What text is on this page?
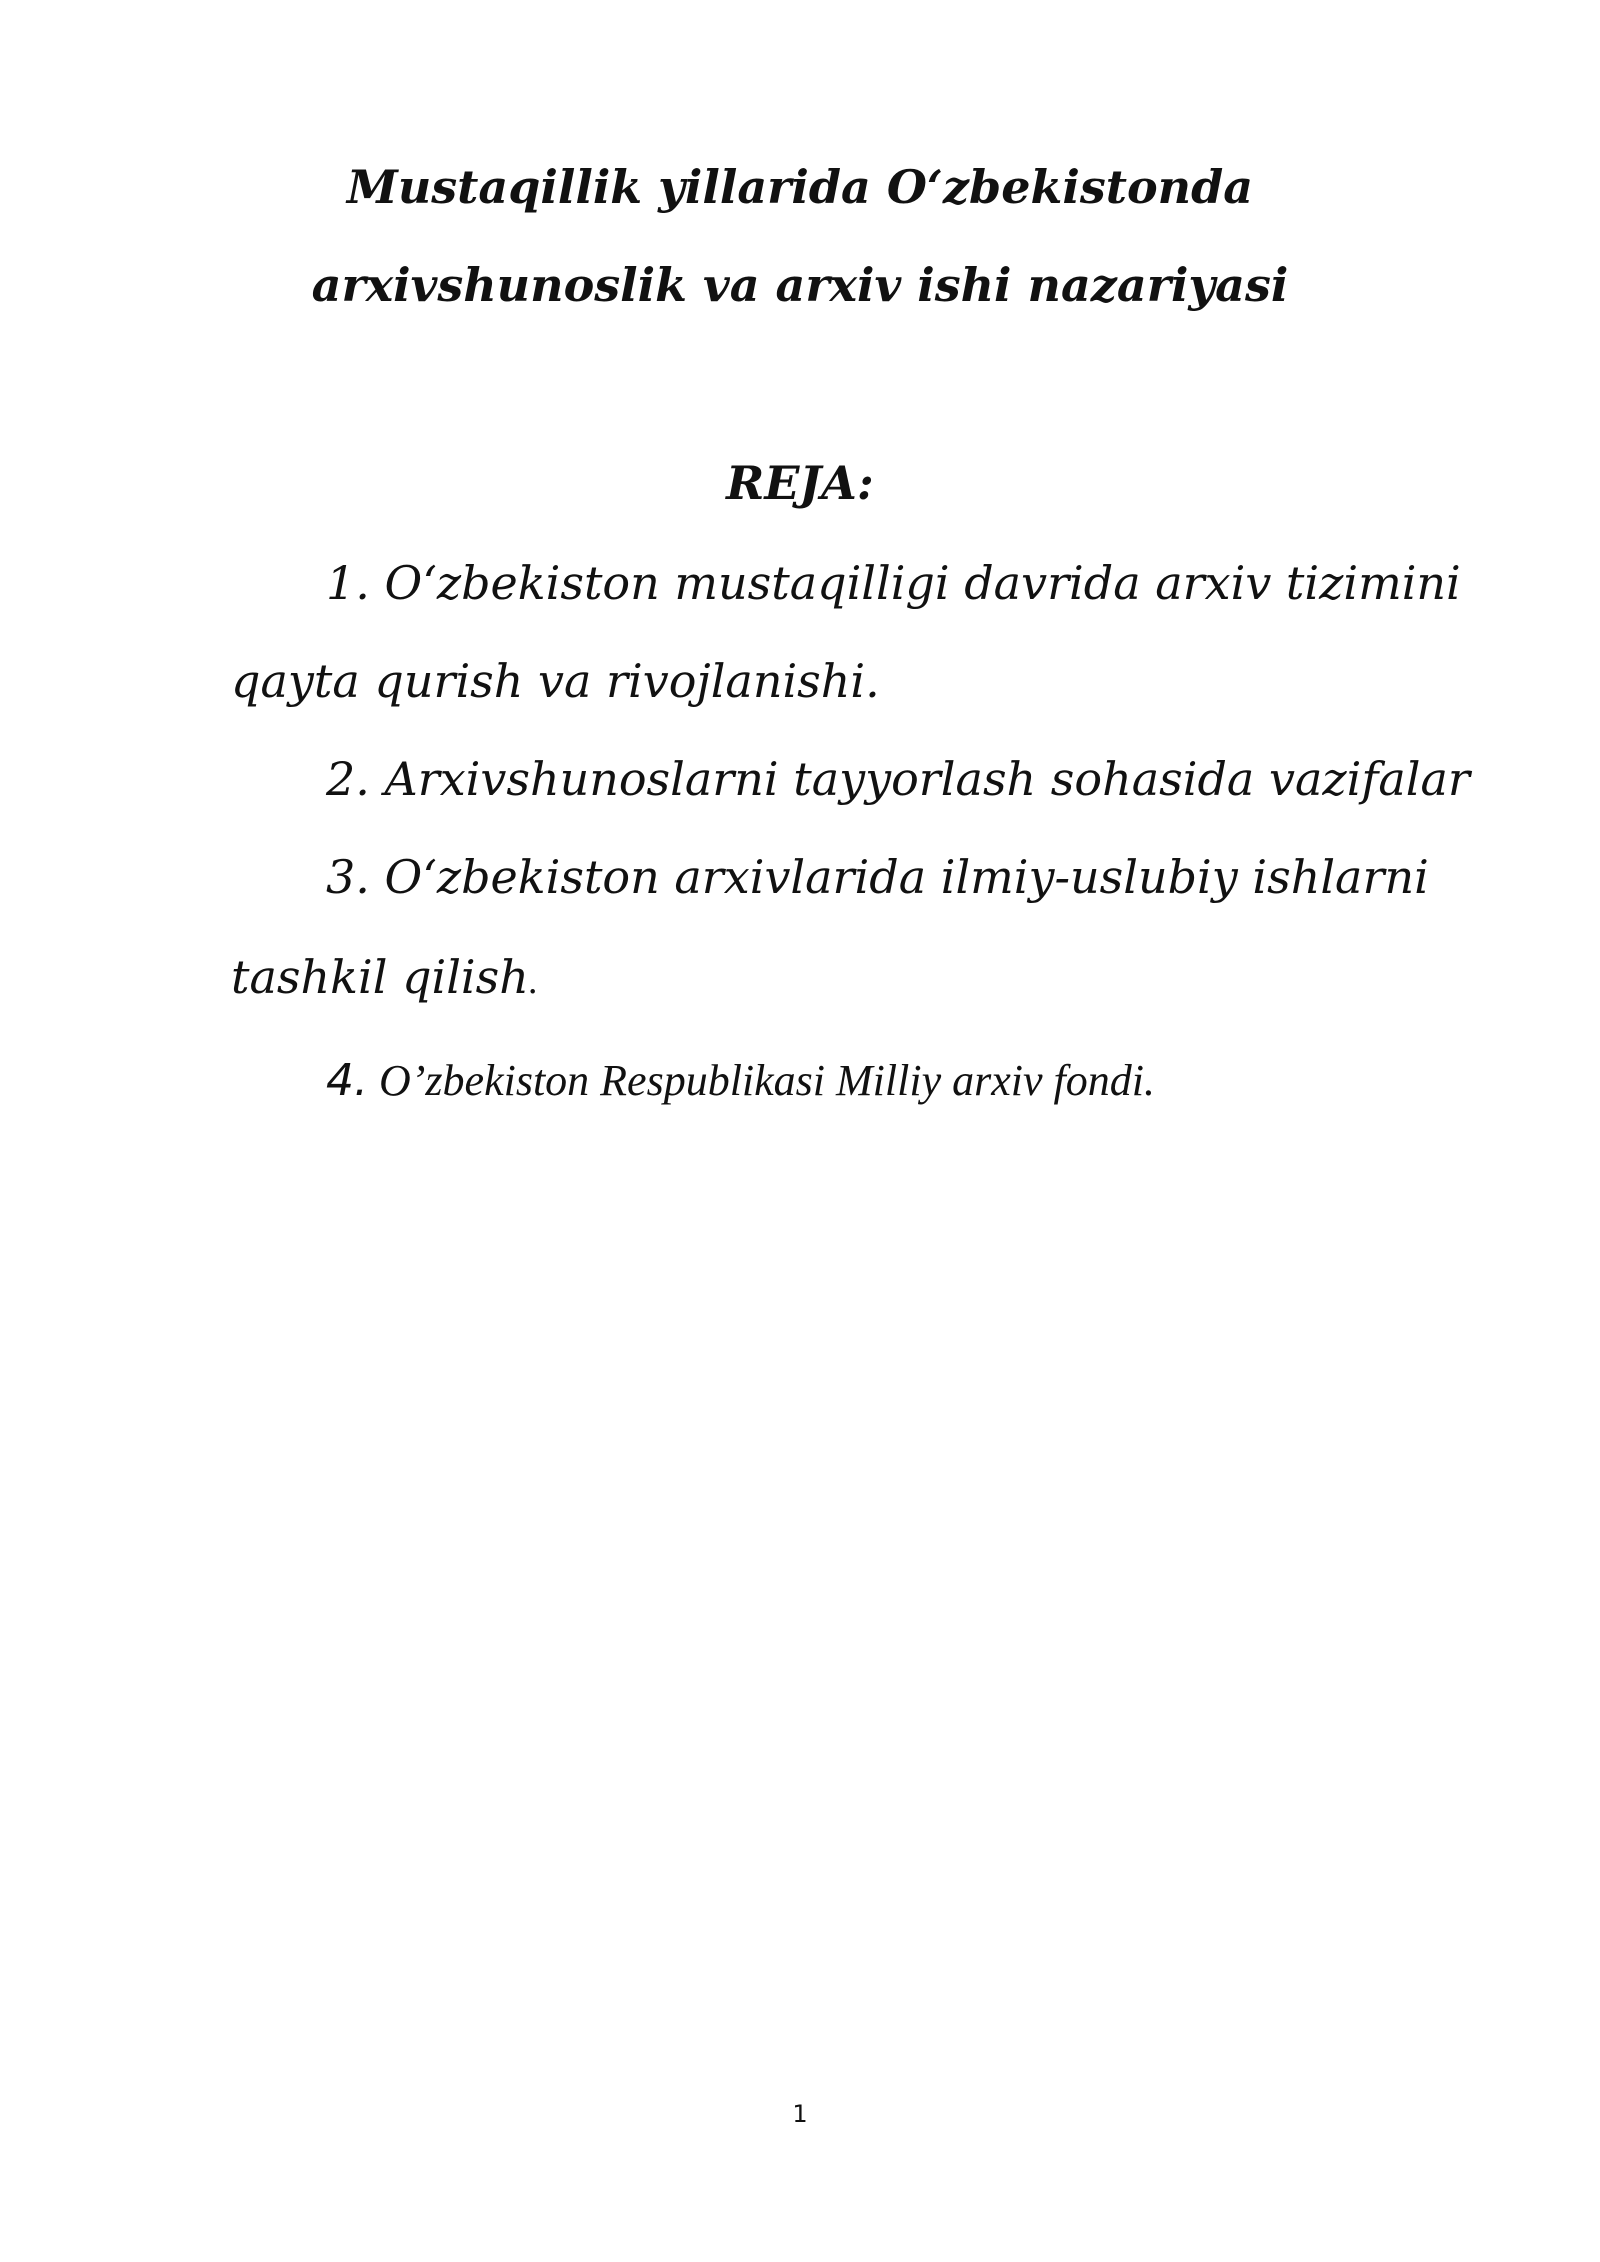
Mustaqillik yillarida O‘zbekistonda
arxivshunoslik va arxiv ishi nazariyasi
REJA:
1. O‘zbekiston mustaqilligi davrida arxiv tizimini
qayta qurish va rivojlanishi.
2. Arxivshunoslarni tayyorlash sohasida vazifalar
3. O‘zbekiston arxivlarida ilmiy-uslubiy ishlarni
tashkil qilish.
4. O’zbekiston Respublikasi Milliy arxiv fondi.
1
